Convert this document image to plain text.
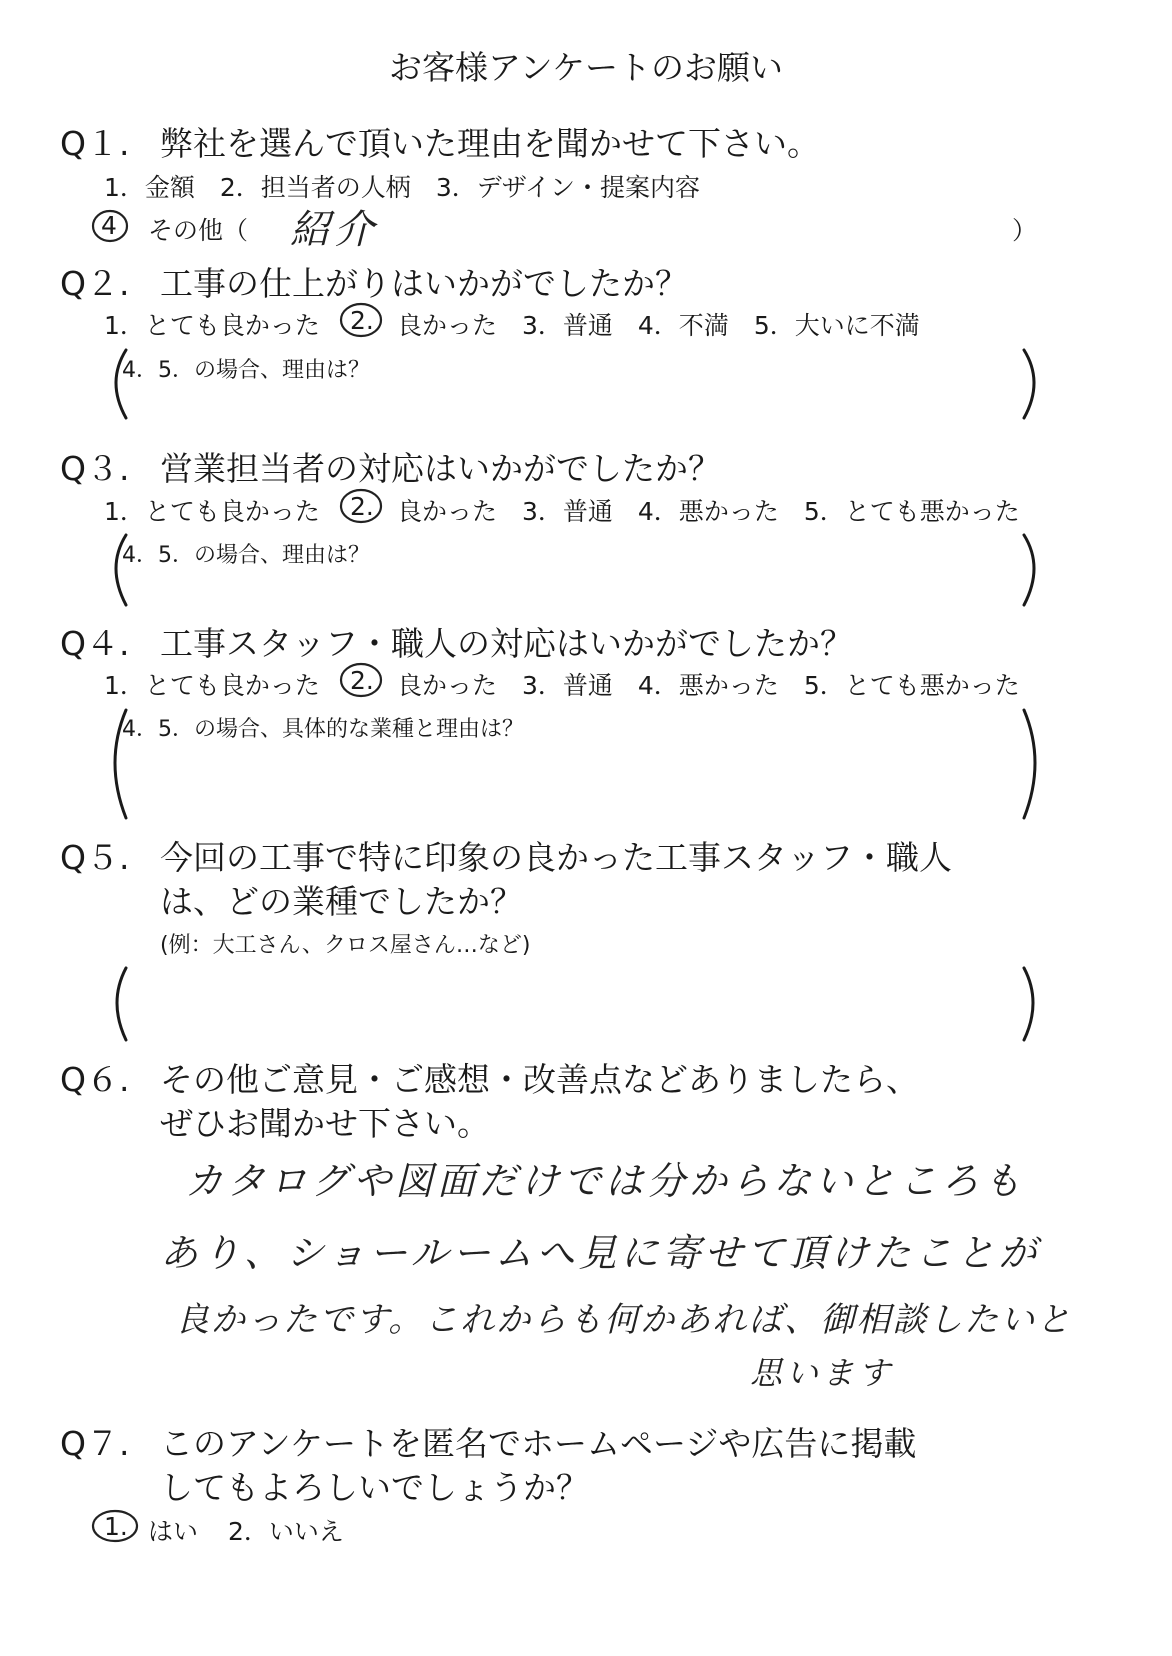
お客様アンケートのお願い
Q１. 弊社を選んで頂いた理由を聞かせて下さい。
1．金額　2．担当者の人柄　3．デザイン・提案内容
4 その他（ 紹介	）
Q２. 工事の仕上がりはいかがでしたか？
1．とても良かった 2. 良かった　3．普通　4．不満　5．大いに不満
4．5．の場合、理由は？
Q３. 営業担当者の対応はいかがでしたか？
1．とても良かった 2. 良かった　3．普通　4．悪かった　5．とても悪かった
4．5．の場合、理由は？
Q４. 工事スタッフ・職人の対応はいかがでしたか？
1．とても良かった 2. 良かった　3．普通　4．悪かった　5．とても悪かった
4．5．の場合、具体的な業種と理由は？
Q５. 今回の工事で特に印象の良かった工事スタッフ・職人
は、どの業種でしたか？
(例：大工さん、クロス屋さん…など)
Q６. その他ご意見・ご感想・改善点などありましたら、
ぜひお聞かせ下さい。
カタログや図面だけでは分からないところも
あり、ショールームへ見に寄せて頂けたことが
良かったです。これからも何かあれば、御相談したいと
思います
Q７. このアンケートを匿名でホームページや広告に掲載
してもよろしいでしょうか？
1. はい 2．いいえ
